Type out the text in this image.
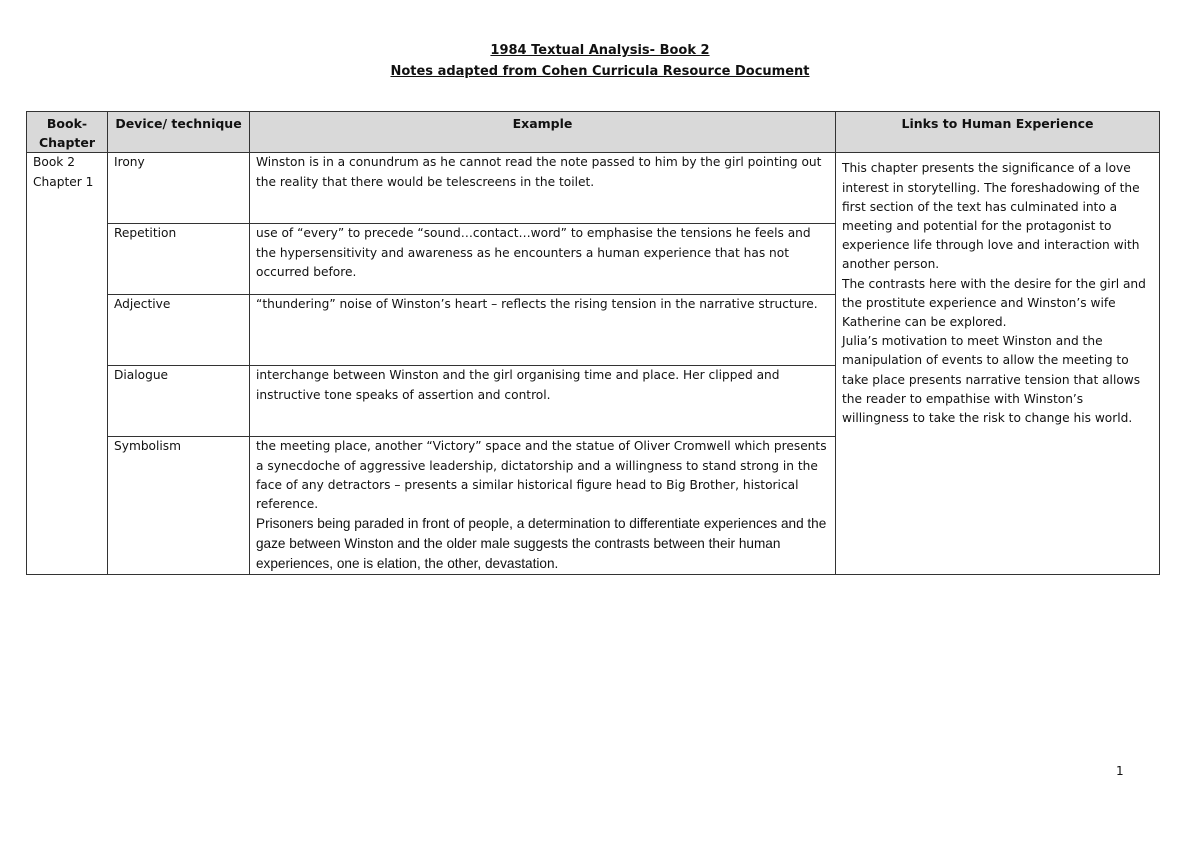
1984 Textual Analysis- Book 2
Notes adapted from Cohen Curricula Resource Document
Book-Chapter	Device/ technique	Example	Links to Human Experience
Book 2 Chapter 1	Irony	Winston is in a conundrum as he cannot read the note passed to him by the girl pointing out the reality that there would be telescreens in the toilet.	This chapter presents the significance of a love interest in storytelling. The foreshadowing of the first section of the text has culminated into a meeting and potential for the protagonist to experience life through love and interaction with another person.
The contrasts here with the desire for the girl and the prostitute experience and Winston’s wife Katherine can be explored.
Julia’s motivation to meet Winston and the manipulation of events to allow the meeting to take place presents narrative tension that allows the reader to empathise with Winston’s willingness to take the risk to change his world.

	Repetition	use of “every” to precede “sound…contact…word” to emphasise the tensions he feels and the hypersensitivity and awareness as he encounters a human experience that has not occurred before.	
	Adjective	“thundering” noise of Winston’s heart – reflects the rising tension in the narrative structure.	
	Dialogue	interchange between Winston and the girl organising time and place. Her clipped and instructive tone speaks of assertion and control.	
	Symbolism	the meeting place, another “Victory” space and the statue of Oliver Cromwell which presents a synecdoche of aggressive leadership, dictatorship and a willingness to stand strong in the face of any detractors – presents a similar historical figure head to Big Brother, historical reference.
Prisoners being paraded in front of people, a determination to differentiate experiences and the gaze between Winston and the older male suggests the contrasts between their human experiences, one is elation, the other, devastation.	
1
